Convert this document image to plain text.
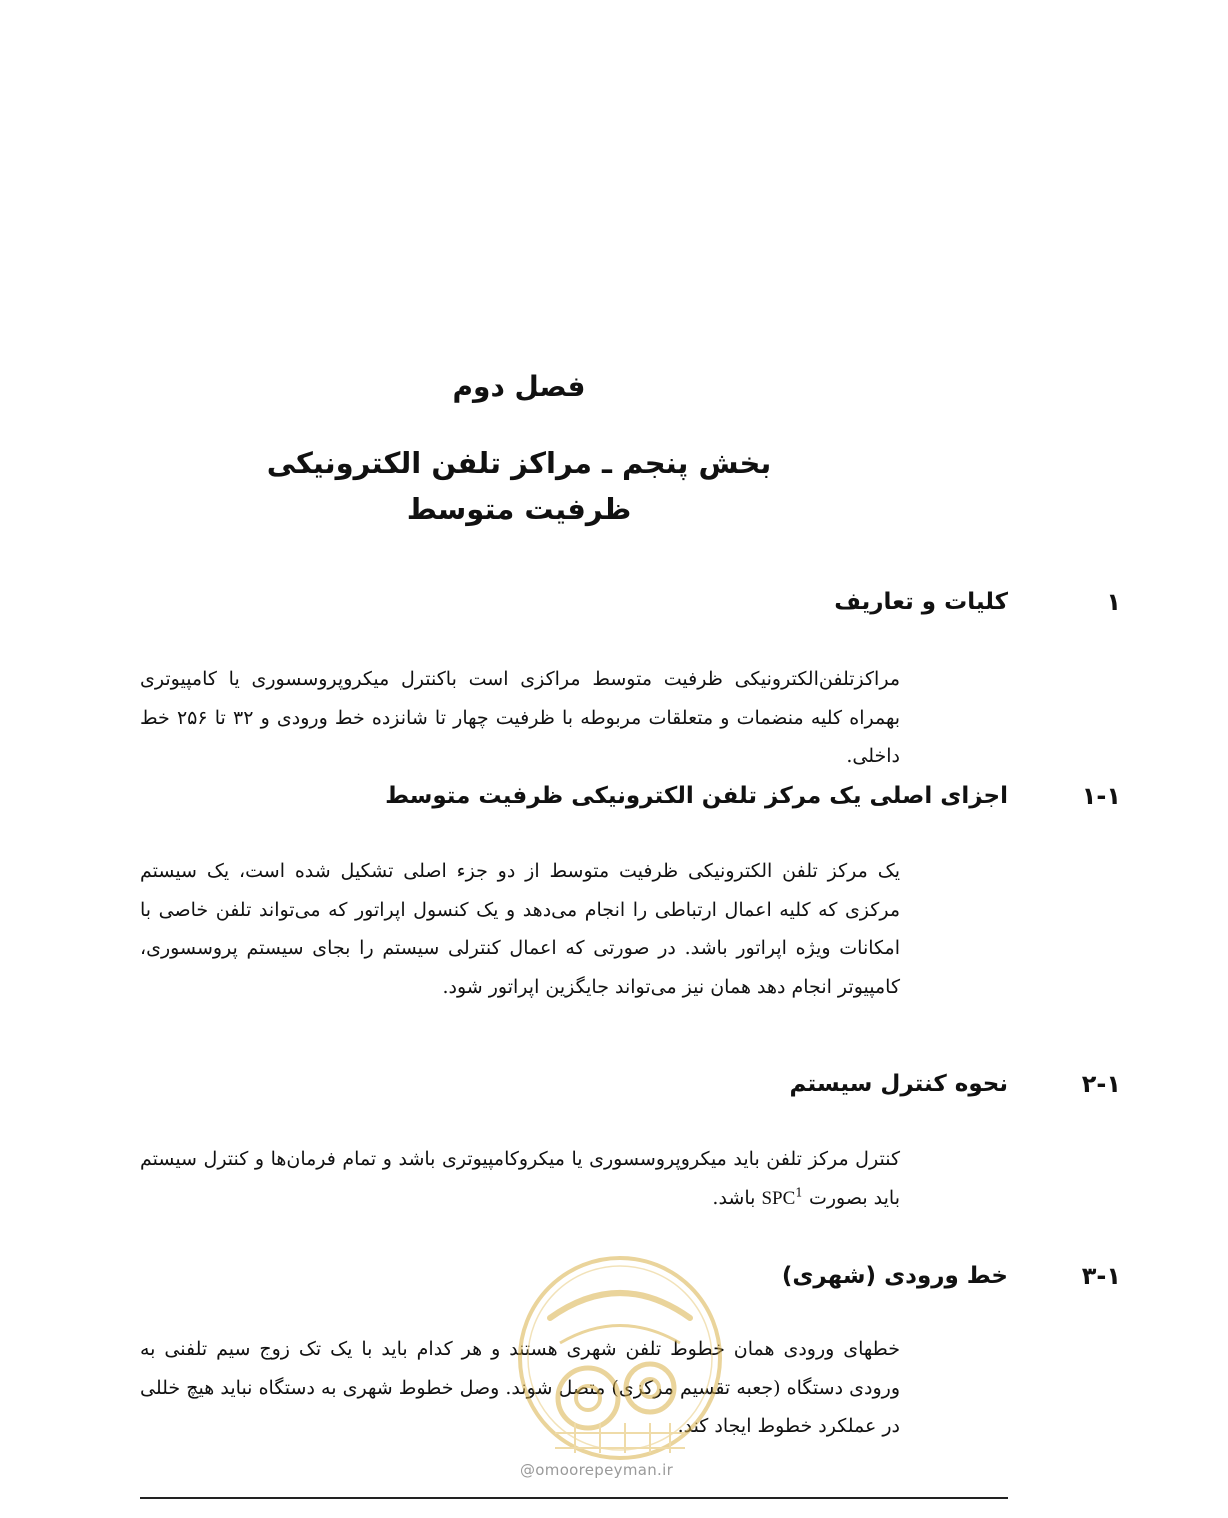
فصل دوم
بخش پنجم ـ مراکز تلفن الکترونیکی ظرفیت متوسط
۱
کلیات و تعاریف
مراکزتلفن‌الکترونیکی ظرفیت متوسط مراکزی است باکنترل میکروپروسسوری یا کامپیوتری بهمراه کلیه منضمات و متعلقات مربوطه با ظرفیت چهار تا شانزده خط ورودی و ۳۲ تا ۲۵۶ خط داخلی.
۱-۱
اجزای اصلی یک مرکز تلفن الکترونیکی ظرفیت متوسط
یک مرکز تلفن الکترونیکی ظرفیت متوسط از دو جزء اصلی تشکیل شده است، یک سیستم مرکزی که کلیه اعمال ارتباطی را انجام می‌دهد و یک کنسول اپراتور که می‌تواند تلفن خاصی با امکانات ویژه اپراتور باشد. در صورتی که اعمال کنترلی سیستم را بجای سیستم پروسسوری، کامپیوتر انجام دهد همان نیز می‌تواند جایگزین اپراتور شود.
۲-۱
نحوه کنترل سیستم
کنترل مرکز تلفن باید میکروپروسسوری یا میکروکامپیوتری باشد و تمام فرمان‌ها و کنترل سیستم باید بصورت SPC$^1$ باشد.
۳-۱
خط ورودی (شهری)
خطهای ورودی همان خطوط تلفن شهری هستند و هر کدام باید با یک تک زوج سیم تلفنی به ورودی دستگاه (جعبه تقسیم مرکزی) متصل شوند. وصل خطوط شهری به دستگاه نباید هیچ خللی در عملکرد خطوط ایجاد کند.
@omoorepeyman.ir
